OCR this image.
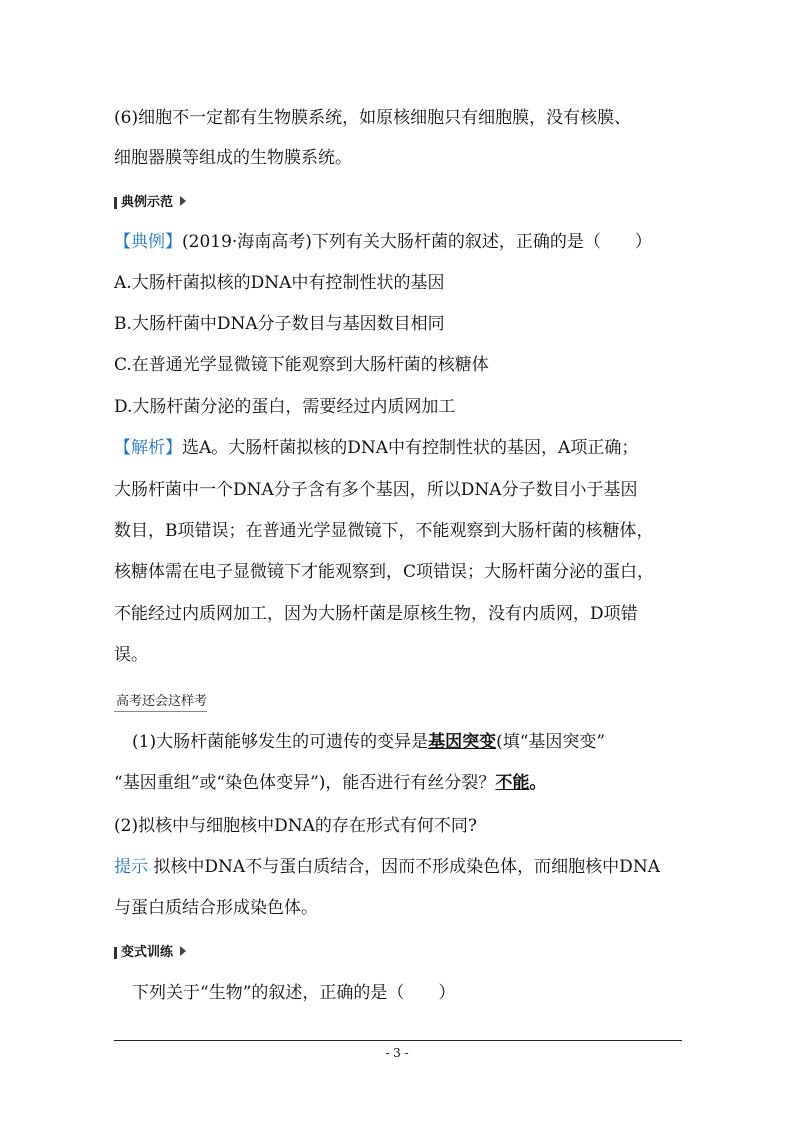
(6)细胞不一定都有生物膜系统，如原核细胞只有细胞膜，没有核膜、
细胞器膜等组成的生物膜系统。
典例示范
【典例】(2019·海南高考)下列有关大肠杆菌的叙述，正确的是（　　）
A.大肠杆菌拟核的DNA中有控制性状的基因
B.大肠杆菌中DNA分子数目与基因数目相同
C.在普通光学显微镜下能观察到大肠杆菌的核糖体
D.大肠杆菌分泌的蛋白，需要经过内质网加工
【解析】选A。大肠杆菌拟核的DNA中有控制性状的基因，A项正确；
大肠杆菌中一个DNA分子含有多个基因，所以DNA分子数目小于基因
数目，B项错误；在普通光学显微镜下，不能观察到大肠杆菌的核糖体，
核糖体需在电子显微镜下才能观察到，C项错误；大肠杆菌分泌的蛋白，
不能经过内质网加工，因为大肠杆菌是原核生物，没有内质网，D项错
误。
高考还会这样考
(1)大肠杆菌能够发生的可遗传的变异是基因突变(填“基因突变”
“基因重组”或“染色体变异”)，能否进行有丝分裂？不能。
(2)拟核中与细胞核中DNA的存在形式有何不同?
提示 拟核中DNA不与蛋白质结合，因而不形成染色体，而细胞核中DNA
与蛋白质结合形成染色体。
变式训练
下列关于“生物”的叙述，正确的是（　　）
- 3 -
